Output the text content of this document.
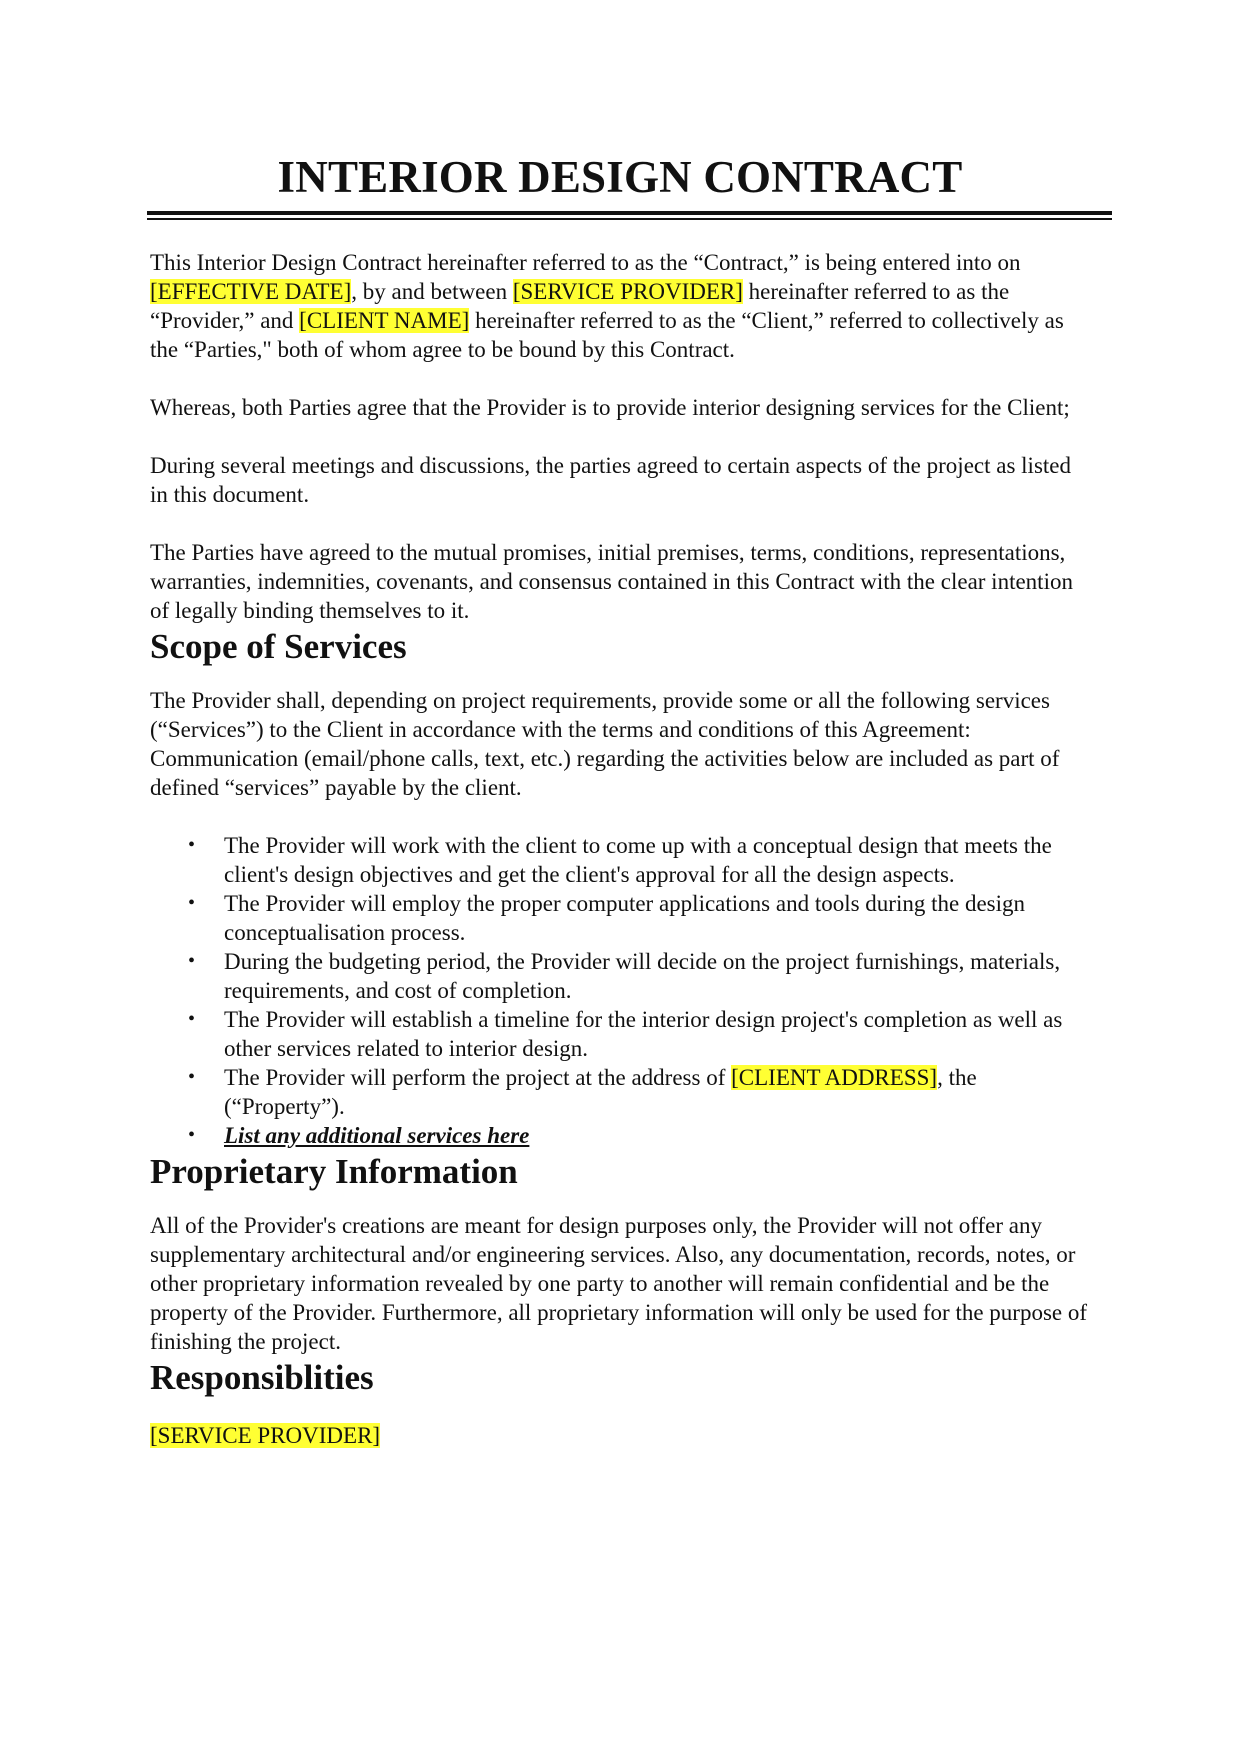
INTERIOR DESIGN CONTRACT

This Interior Design Contract hereinafter referred to as the “Contract,” is being entered into on [EFFECTIVE DATE], by and between [SERVICE PROVIDER] hereinafter referred to as the “Provider,” and [CLIENT NAME] hereinafter referred to as the “Client,” referred to collectively as the “Parties," both of whom agree to be bound by this Contract.

Whereas, both Parties agree that the Provider is to provide interior designing services for the Client;

During several meetings and discussions, the parties agreed to certain aspects of the project as listed in this document.

The Parties have agreed to the mutual promises, initial premises, terms, conditions, representations, warranties, indemnities, covenants, and consensus contained in this Contract with the clear intention of legally binding themselves to it.

Scope of Services

The Provider shall, depending on project requirements, provide some or all the following services (“Services”) to the Client in accordance with the terms and conditions of this Agreement: Communication (email/phone calls, text, etc.) regarding the activities below are included as part of defined “services” payable by the client.

• The Provider will work with the client to come up with a conceptual design that meets the client's design objectives and get the client's approval for all the design aspects.
• The Provider will employ the proper computer applications and tools during the design conceptualisation process.
• During the budgeting period, the Provider will decide on the project furnishings, materials, requirements, and cost of completion.
• The Provider will establish a timeline for the interior design project's completion as well as other services related to interior design.
• The Provider will perform the project at the address of [CLIENT ADDRESS], the (“Property”).
• List any additional services here
Proprietary Information

All of the Provider's creations are meant for design purposes only, the Provider will not offer any supplementary architectural and/or engineering services. Also, any documentation, records, notes, or other proprietary information revealed by one party to another will remain confidential and be the property of the Provider. Furthermore, all proprietary information will only be used for the purpose of finishing the project.

Responsiblities
[SERVICE PROVIDER]
